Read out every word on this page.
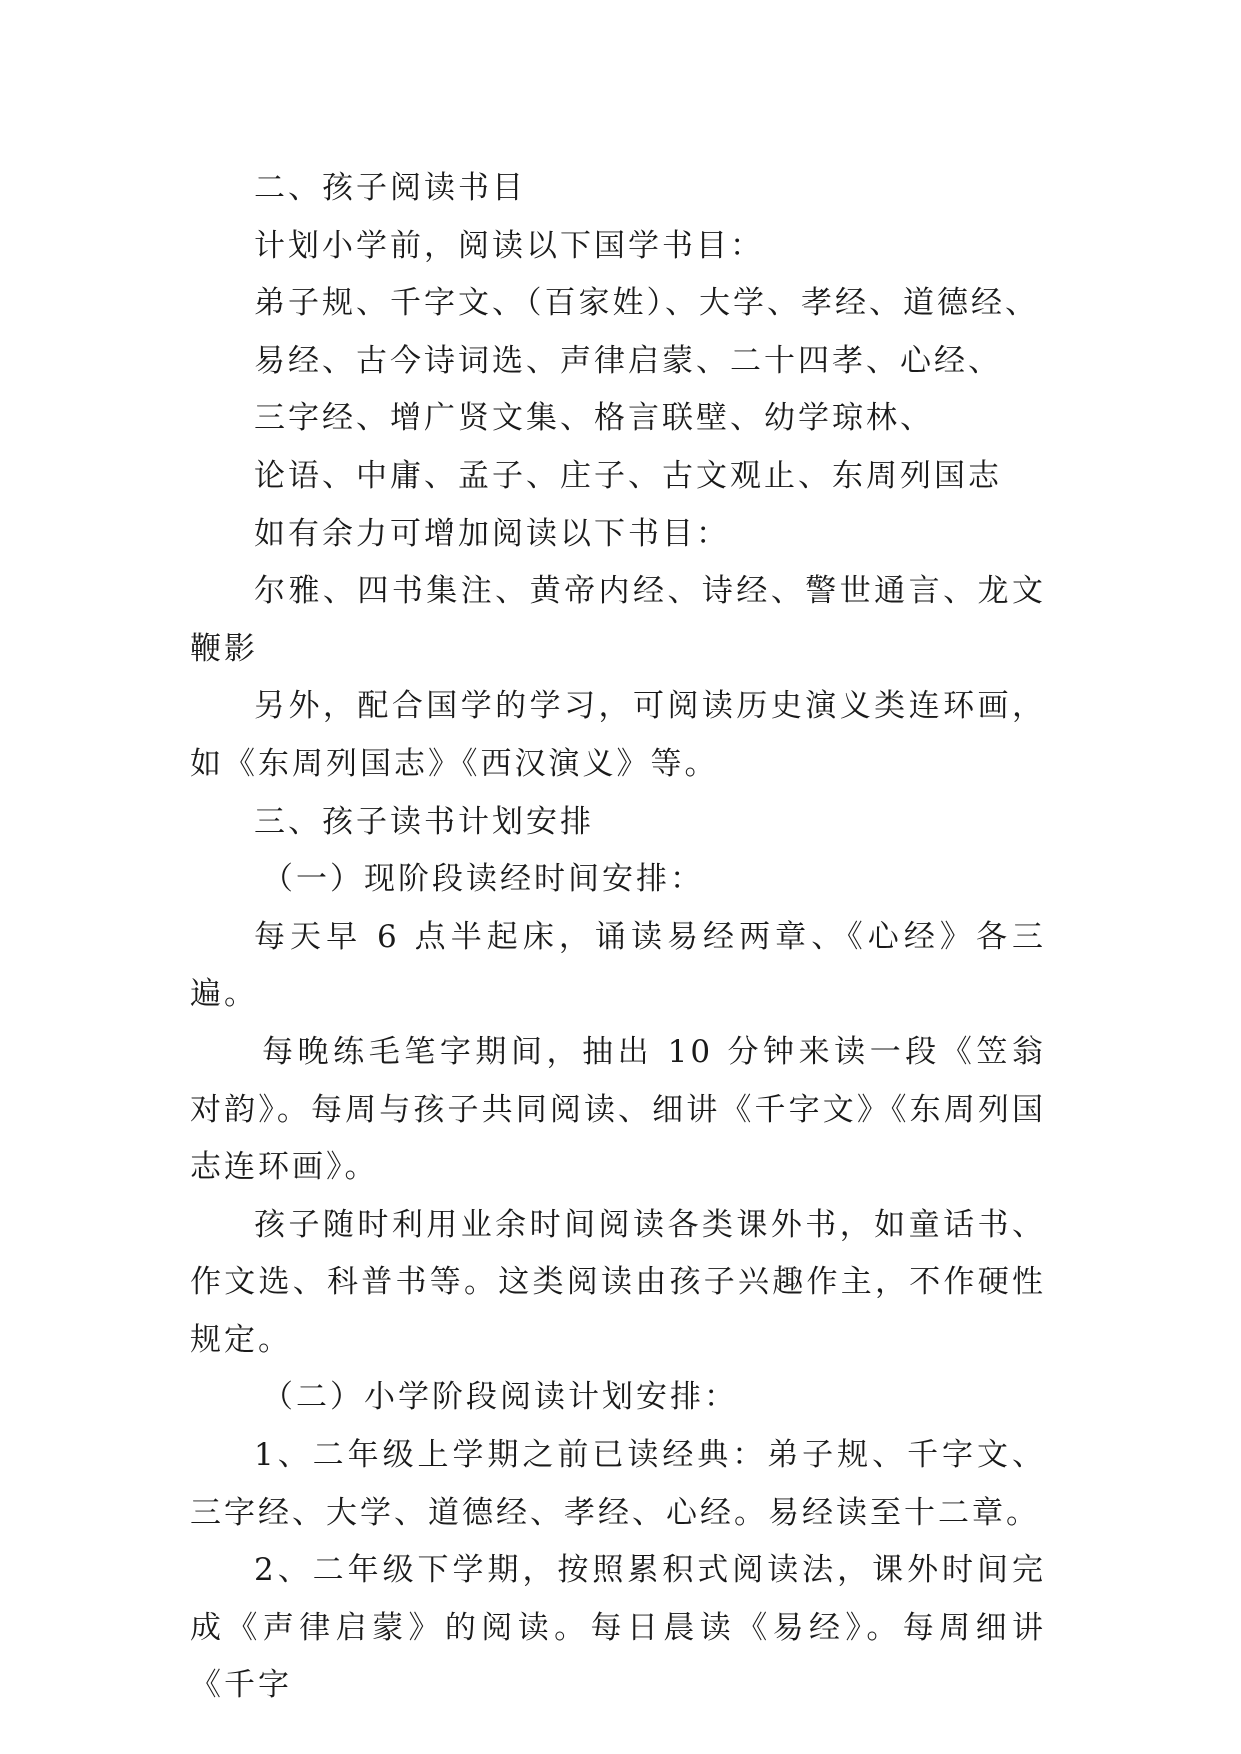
二、孩子阅读书目

计划小学前，阅读以下国学书目：

弟子规、千字文、（百家姓）、大学、孝经、道德经、

易经、古今诗词选、声律启蒙、二十四孝、心经、

三字经、增广贤文集、格言联壁、幼学琼林、

论语、中庸、孟子、庄子、古文观止、东周列国志

如有余力可增加阅读以下书目：

尔雅、四书集注、黄帝内经、诗经、警世通言、龙文鞭影

另外，配合国学的学习，可阅读历史演义类连环画，如《东周列国志》《西汉演义》等。

三、孩子读书计划安排

（一）现阶段读经时间安排：

每天早 6 点半起床，诵读易经两章、《心经》各三遍。

每晚练毛笔字期间，抽出 10 分钟来读一段《笠翁对韵》。每周与孩子共同阅读、细讲《千字文》《东周列国志连环画》。

孩子随时利用业余时间阅读各类课外书，如童话书、作文选、科普书等。这类阅读由孩子兴趣作主，不作硬性规定。

（二）小学阶段阅读计划安排：

1、二年级上学期之前已读经典：弟子规、千字文、三字经、大学、道德经、孝经、心经。易经读至十二章。

2、二年级下学期，按照累积式阅读法，课外时间完成《声律启蒙》的阅读。每日晨读《易经》。每周细讲《千字
